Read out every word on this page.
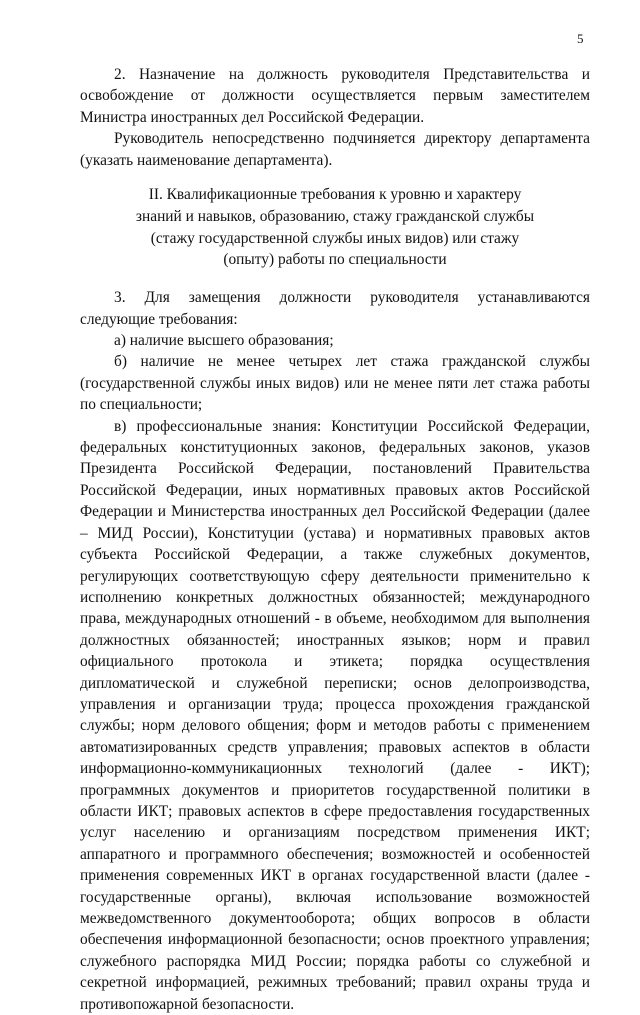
5

2. Назначение на должность руководителя Представительства и освобождение от должности осуществляется первым заместителем Министра иностранных дел Российской Федерации.

Руководитель непосредственно подчиняется директору департамента (указать наименование департамента).

II. Квалификационные требования к уровню и характеру
знаний и навыков, образованию, стажу гражданской службы
(стажу государственной службы иных видов) или стажу
(опыту) работы по специальности

3. Для замещения должности руководителя устанавливаются следующие требования:

а) наличие высшего образования;

б) наличие не менее четырех лет стажа гражданской службы (государственной службы иных видов) или не менее пяти лет стажа работы по специальности;

в) профессиональные знания: Конституции Российской Федерации, федеральных конституционных законов, федеральных законов, указов Президента Российской Федерации, постановлений Правительства Российской Федерации, иных нормативных правовых актов Российской Федерации и Министерства иностранных дел Российской Федерации (далее – МИД России), Конституции (устава) и нормативных правовых актов субъекта Российской Федерации, а также служебных документов, регулирующих соответствующую сферу деятельности применительно к исполнению конкретных должностных обязанностей; международного права, международных отношений - в объеме, необходимом для выполнения должностных обязанностей; иностранных языков; норм и правил официального протокола и этикета; порядка осуществления дипломатической и служебной переписки; основ делопроизводства, управления и организации труда; процесса прохождения гражданской службы; норм делового общения; форм и методов работы с применением автоматизированных средств управления; правовых аспектов в области информационно-коммуникационных технологий (далее - ИКТ); программных документов и приоритетов государственной политики в области ИКТ; правовых аспектов в сфере предоставления государственных услуг населению и организациям посредством применения ИКТ; аппаратного и программного обеспечения; возможностей и особенностей применения современных ИКТ в органах государственной власти (далее - государственные органы), включая использование возможностей межведомственного документооборота; общих вопросов в области обеспечения информационной безопасности; основ проектного управления; служебного распорядка МИД России; порядка работы со служебной и секретной информацией, режимных требований; правил охраны труда и противопожарной безопасности.
